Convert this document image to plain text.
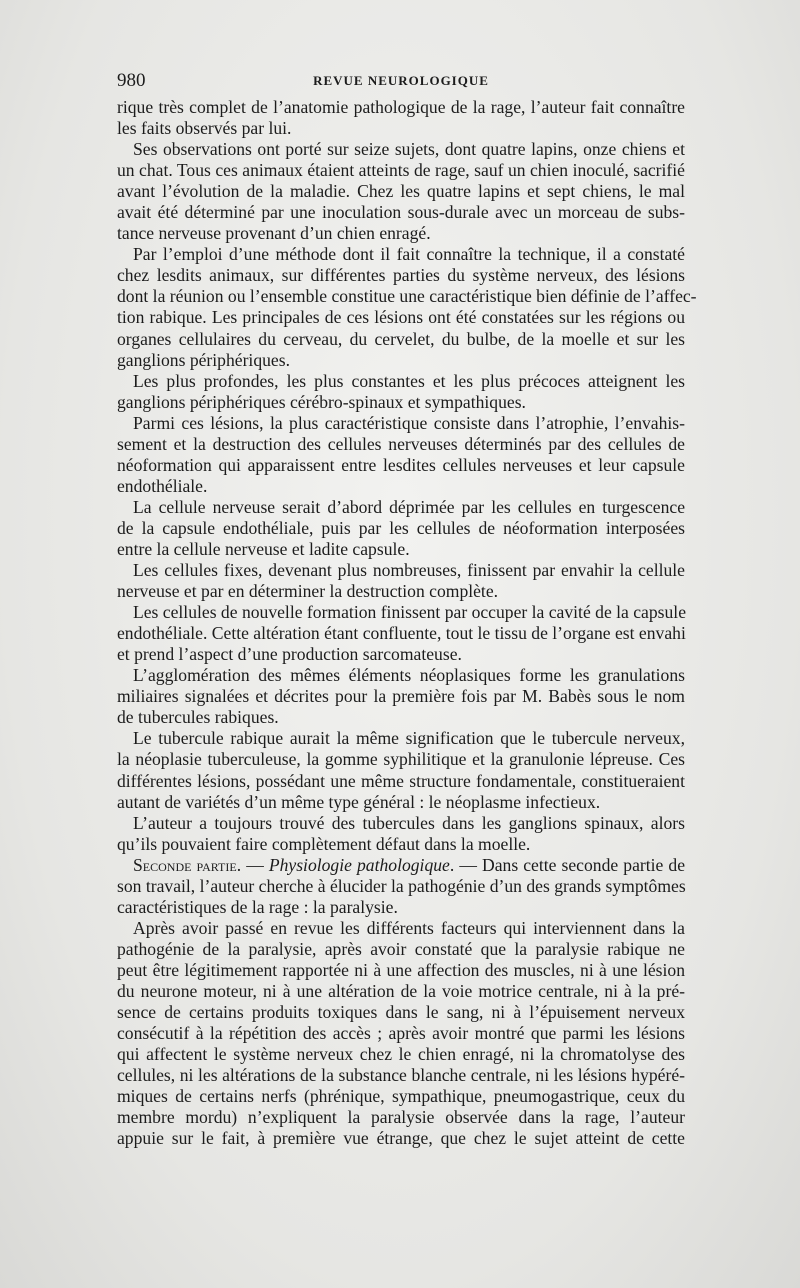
980	REVUE NEUROLOGIQUE
rique très complet de l’anatomie pathologique de la rage, l’auteur fait connaître
les faits observés par lui.
Ses observations ont porté sur seize sujets, dont quatre lapins, onze chiens et
un chat. Tous ces animaux étaient atteints de rage, sauf un chien inoculé, sacrifié
avant l’évolution de la maladie. Chez les quatre lapins et sept chiens, le mal
avait été déterminé par une inoculation sous-durale avec un morceau de subs-
tance nerveuse provenant d’un chien enragé.
Par l’emploi d’une méthode dont il fait connaître la technique, il a constaté
chez lesdits animaux, sur différentes parties du système nerveux, des lésions
dont la réunion ou l’ensemble constitue une caractéristique bien définie de l’affec-
tion rabique. Les principales de ces lésions ont été constatées sur les régions ou
organes cellulaires du cerveau, du cervelet, du bulbe, de la moelle et sur les
ganglions périphériques.
Les plus profondes, les plus constantes et les plus précoces atteignent les
ganglions périphériques cérébro-spinaux et sympathiques.
Parmi ces lésions, la plus caractéristique consiste dans l’atrophie, l’envahis-
sement et la destruction des cellules nerveuses déterminés par des cellules de
néoformation qui apparaissent entre lesdites cellules nerveuses et leur capsule
endothéliale.
La cellule nerveuse serait d’abord déprimée par les cellules en turgescence
de la capsule endothéliale, puis par les cellules de néoformation interposées
entre la cellule nerveuse et ladite capsule.
Les cellules fixes, devenant plus nombreuses, finissent par envahir la cellule
nerveuse et par en déterminer la destruction complète.
Les cellules de nouvelle formation finissent par occuper la cavité de la capsule
endothéliale. Cette altération étant confluente, tout le tissu de l’organe est envahi
et prend l’aspect d’une production sarcomateuse.
L’agglomération des mêmes éléments néoplasiques forme les granulations
miliaires signalées et décrites pour la première fois par M. Babès sous le nom
de tubercules rabiques.
Le tubercule rabique aurait la même signification que le tubercule nerveux,
la néoplasie tuberculeuse, la gomme syphilitique et la granulonie lépreuse. Ces
différentes lésions, possédant une même structure fondamentale, constitueraient
autant de variétés d’un même type général : le néoplasme infectieux.
L’auteur a toujours trouvé des tubercules dans les ganglions spinaux, alors
qu’ils pouvaient faire complètement défaut dans la moelle.
Seconde partie. — Physiologie pathologique. — Dans cette seconde partie de
son travail, l’auteur cherche à élucider la pathogénie d’un des grands symptômes
caractéristiques de la rage : la paralysie.
Après avoir passé en revue les différents facteurs qui interviennent dans la
pathogénie de la paralysie, après avoir constaté que la paralysie rabique ne
peut être légitimement rapportée ni à une affection des muscles, ni à une lésion
du neurone moteur, ni à une altération de la voie motrice centrale, ni à la pré-
sence de certains produits toxiques dans le sang, ni à l’épuisement nerveux
consécutif à la répétition des accès ; après avoir montré que parmi les lésions
qui affectent le système nerveux chez le chien enragé, ni la chromatolyse des
cellules, ni les altérations de la substance blanche centrale, ni les lésions hypéré-
miques de certains nerfs (phrénique, sympathique, pneumogastrique, ceux du
membre mordu) n’expliquent la paralysie observée dans la rage, l’auteur
appuie sur le fait, à première vue étrange, que chez le sujet atteint de cette
